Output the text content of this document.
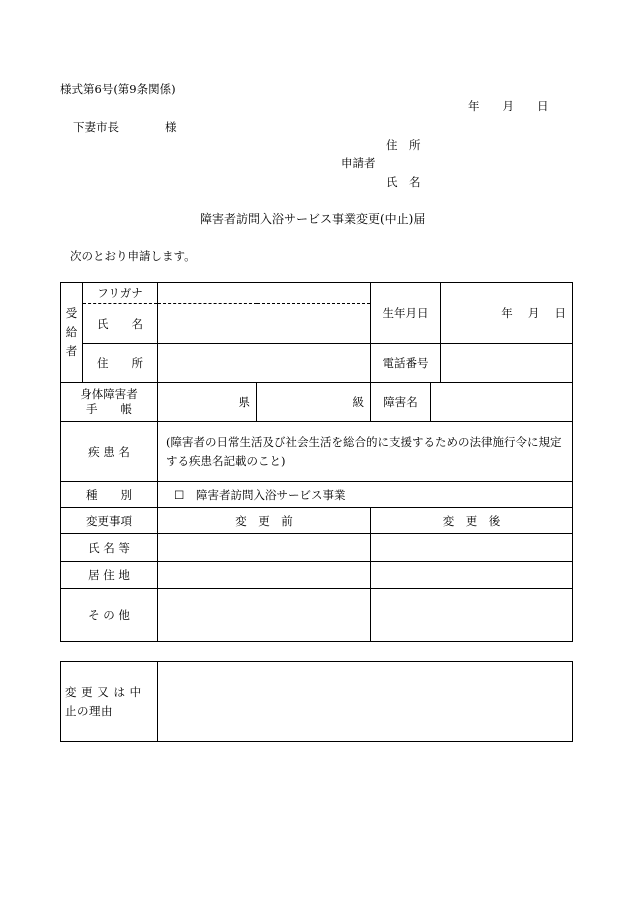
様式第6号(第9条関係)
年　　月　　日
下妻市長　　　　様
住　所
申請者
氏　名
障害者訪問入浴サービス事業変更(中止)届
次のとおり申請します。
受
給
者	フリガナ			生年月日		年　 月　 日
	氏　　名					
	住　　所			電話番号		
身体障害者
手　　帳		県	級	障害名		
疾 患 名		(障害者の日常生活及び社会生活を総合的に支援するための法律施行令に規定する疾患名記載のこと)				
種　　別		☐ 障害者訪問入浴サービス事業				
変更事項		変　更　前		変　更　後		
氏 名 等						
居 住 地						
そ の 他						
変 更 又 は 中 止の理由	
